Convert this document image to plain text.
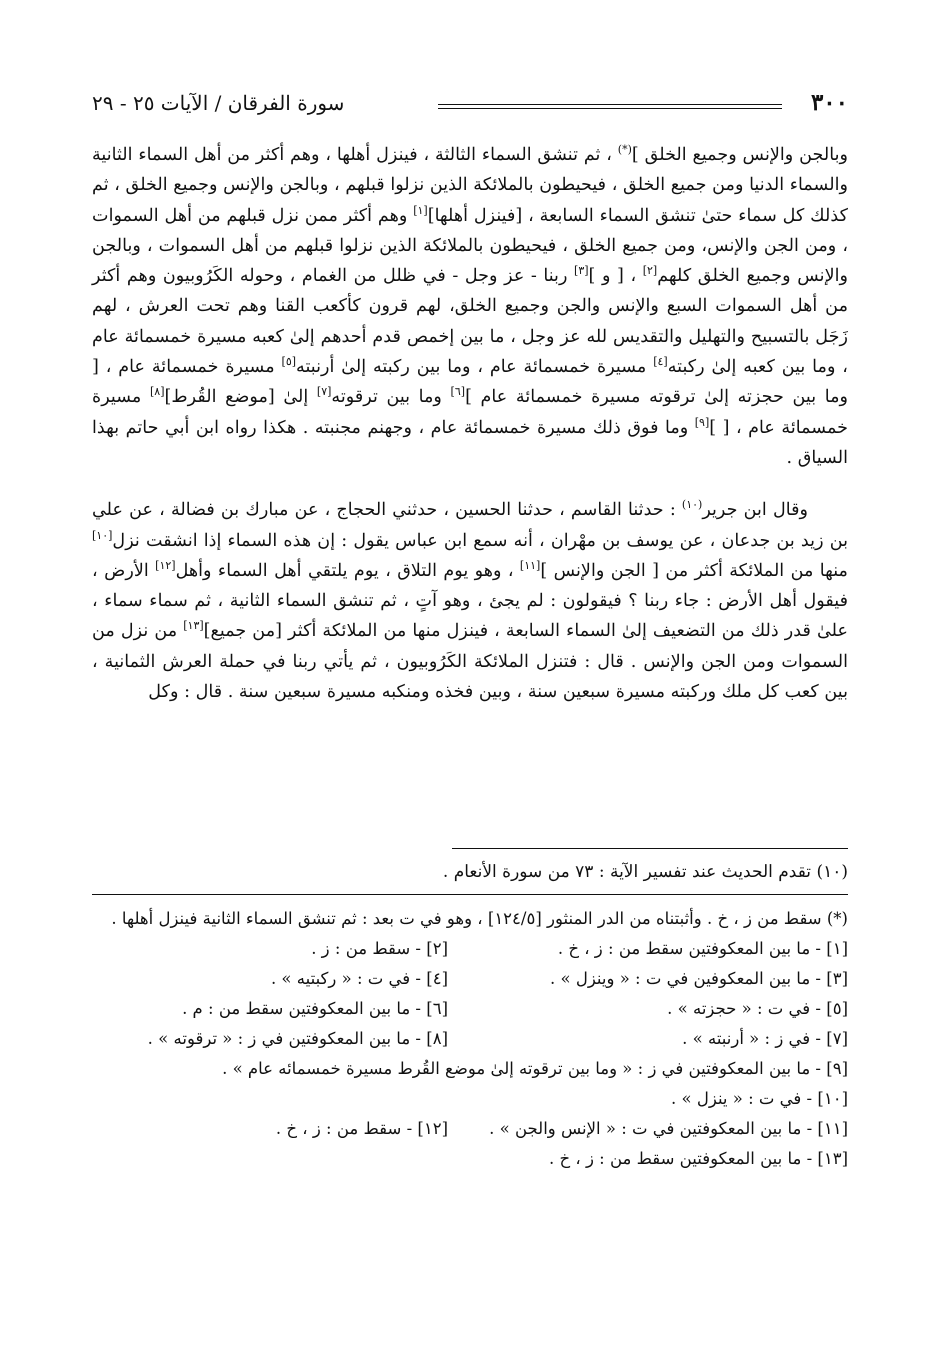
٣٠٠
سورة الفرقان / الآيات ٢٥ - ٢٩

وبالجن والإنس وجميع الخلق ](*) ، ثم تنشق السماء الثالثة ، فينزل أهلها ، وهم أكثر من أهل السماء الثانية والسماء الدنيا ومن جميع الخلق ، فيحيطون بالملائكة الذين نزلوا قبلهم ، وبالجن والإنس وجميع الخلق ، ثم كذلك كل سماء حتىٰ تنشق السماء السابعة ، [فينزل أهلها][١] وهم أكثر ممن نزل قبلهم من أهل السموات ، ومن الجن والإنس، ومن جميع الخلق ، فيحيطون بالملائكة الذين نزلوا قبلهم من أهل السموات ، وبالجن والإنس وجميع الخلق كلهم[٢] ، [ و ][٣] ربنا - عز وجل - في ظلل من الغمام ، وحوله الكَرُوبيون وهم أكثر من أهل السموات السبع والإنس والجن وجميع الخلق، لهم قرون كأكعب القنا وهم تحت العرش ، لهم زَجَل بالتسبيح والتهليل والتقديس لله عز وجل ، ما بين إخمص قدم أحدهم إلىٰ كعبه مسيرة خمسمائة عام ، وما بين كعبه إلىٰ ركبته[٤] مسيرة خمسمائة عام ، وما بين ركبته إلىٰ أرنبته[٥] مسيرة خمسمائة عام ، [ وما بين حجزته إلىٰ ترقوته مسيرة خمسمائة عام ][٦] وما بين ترقوته[٧] إلىٰ [موضع القُرط][٨] مسيرة خمسمائة عام ، [ ][٩] وما فوق ذلك مسيرة خمسمائة عام ، وجهنم مجنبته . هكذا رواه ابن أبي حاتم بهذا السياق .

وقال ابن جرير$^{(١٠)}$ : حدثنا القاسم ، حدثنا الحسين ، حدثني الحجاج ، عن مبارك بن فضالة ، عن علي بن زيد بن جدعان ، عن يوسف بن مهْران ، أنه سمع ابن عباس يقول : إن هذه السماء إذا انشقت نزل[١٠] منها من الملائكة أكثر من [ الجن والإنس ][١١] ، وهو يوم التلاق ، يوم يلتقي أهل السماء وأهل[١٢] الأرض ، فيقول أهل الأرض : جاء ربنا ؟ فيقولون : لم يجئ ، وهو آتٍ ، ثم تنشق السماء الثانية ، ثم سماء سماء ، علىٰ قدر ذلك من التضعيف إلىٰ السماء السابعة ، فينزل منها من الملائكة أكثر [من جميع][١٣] من نزل من السموات ومن الجن والإنس . قال : فتنزل الملائكة الكَرُوبيون ، ثم يأتي ربنا في حملة العرش الثمانية ، بين كعب كل ملك وركبته مسيرة سبعين سنة ، وبين فخذه ومنكبه مسيرة سبعين سنة . قال : وكل

(١٠) تقدم الحديث عند تفسير الآية : ٧٣ من سورة الأنعام .

(*) سقط من ز ، خ . وأثبتناه من الدر المنثور [١٢٤/٥] ، وهو في ت بعد : ثم تنشق السماء الثانية فينزل أهلها .

[١] - ما بين المعكوفتين سقط من : ز ، خ .
[٢] - سقط من : ز .
[٣] - ما بين المعكوفين في ت : « وينزل » .
[٤] - في ت : « ركبتيه » .
[٥] - في ت : « حجزته » .
[٦] - ما بين المعكوفتين سقط من : م .
[٧] - في ز : « أرنبته » .
[٨] - ما بين المعكوفتين في ز : « ترقوته » .
[٩] - ما بين المعكوفتين في ز : « وما بين ترقوته إلىٰ موضع القُرط مسيرة خمسمائه عام » .
[١٠] - في ت : « ينزل » .
[١١] - ما بين المعكوفتين في ت : « الإنس والجن » .
[١٢] - سقط من : ز ، خ .
[١٣] - ما بين المعكوفتين سقط من : ز ، خ .
